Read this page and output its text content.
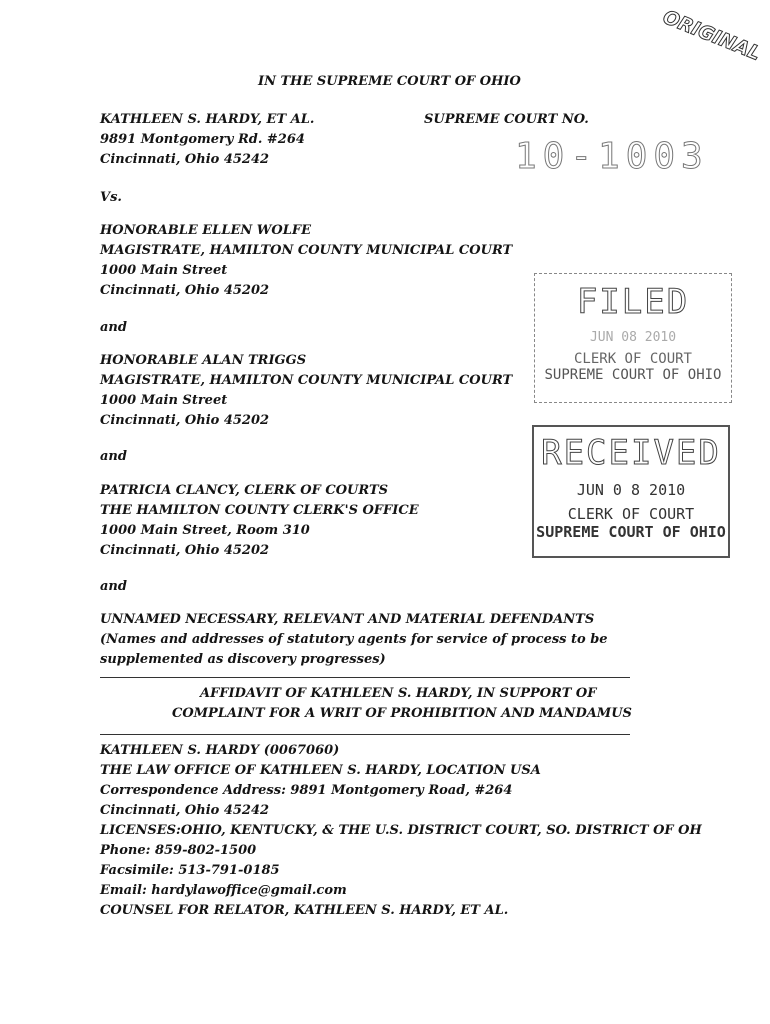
ORIGINAL
IN THE SUPREME COURT OF OHIO
KATHLEEN S. HARDY, ET AL.
9891 Montgomery Rd. #264
Cincinnati, Ohio 45242
SUPREME COURT NO.
10-1003
Vs.
HONORABLE ELLEN WOLFE
MAGISTRATE, HAMILTON COUNTY MUNICIPAL COURT
1000 Main Street
Cincinnati, Ohio 45202
and
HONORABLE ALAN TRIGGS
MAGISTRATE, HAMILTON COUNTY MUNICIPAL COURT
1000 Main Street
Cincinnati, Ohio 45202
and
PATRICIA CLANCY, CLERK OF COURTS
THE HAMILTON COUNTY CLERK'S OFFICE
1000 Main Street, Room 310
Cincinnati, Ohio 45202
and
UNNAMED NECESSARY, RELEVANT AND MATERIAL DEFENDANTS
(Names and addresses of statutory agents for service of process to be
supplemented as discovery progresses)
AFFIDAVIT OF KATHLEEN S. HARDY, IN SUPPORT OF
COMPLAINT FOR A WRIT OF PROHIBITION AND MANDAMUS
KATHLEEN S. HARDY (0067060)
THE LAW OFFICE OF KATHLEEN S. HARDY, LOCATION USA
Correspondence Address: 9891 Montgomery Road, #264
Cincinnati, Ohio 45242
LICENSES:OHIO, KENTUCKY, & THE U.S. DISTRICT COURT, SO. DISTRICT OF OH
Phone: 859-802-1500
Facsimile: 513-791-0185
Email: hardylawoffice@gmail.com
COUNSEL FOR RELATOR, KATHLEEN S. HARDY, ET AL.
FILED
JUN 08 2010
CLERK OF COURT
SUPREME COURT OF OHIO
RECEIVED
JUN 0 8 2010
CLERK OF COURT
SUPREME COURT OF OHIO
